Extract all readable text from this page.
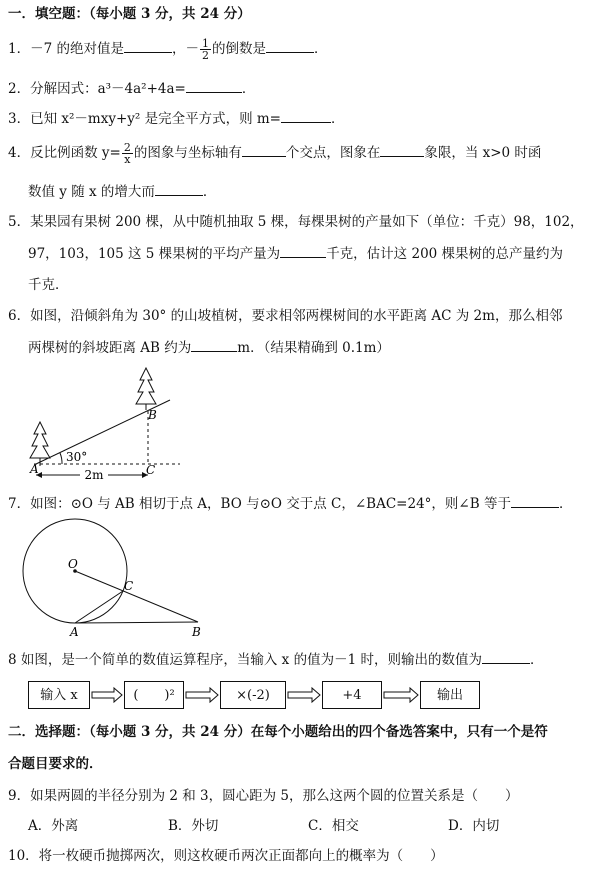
一．填空题：（每小题 3 分，共 24 分）
1．－7 的绝对值是	，－ $\frac{1}{2}$ 的倒数是	．
2．分解因式：a³－4a²+4a=	．
3．已知 x²－mxy+y² 是完全平方式，则 m=	．
4．反比例函数 $y= \frac{2}{x}$ 的图象与坐标轴有	个交点，图象在	象限，当 x>0 时函
数值 y 随 x 的增大而	．
5．某果园有果树 200 棵，从中随机抽取 5 棵，每棵果树的产量如下（单位：千克）98，102，
97，103，105 这 5 棵果树的平均产量为	千克，估计这 200 棵果树的总产量约为
千克．
6．如图，沿倾斜角为 30° 的山坡植树，要求相邻两棵树间的水平距离 AC 为 2m，那么相邻
两棵树的斜坡距离 AB 约为	m．（结果精确到 0.1m）
2m
30°
A
B
C
7．如图：⊙O 与 AB 相切于点 A，BO 与⊙O 交于点 C，∠BAC=24°，则∠B 等于	．
O
A	B
C
8 如图，是一个简单的数值运算程序，当输入 x 的值为－1 时，则输出的数值为	．
输入 x	(　　)²	×(-2)	+4	输出
二．选择题：（每小题 3 分，共 24 分）在每个小题给出的四个备选答案中，只有一个是符
合题目要求的．
9．如果两圆的半径分别为 2 和 3，圆心距为 5，那么这两个圆的位置关系是（　　）
A．外离	B．外切	C．相交	D．内切
10．将一枚硬币抛掷两次，则这枚硬币两次正面都向上的概率为（　　）
